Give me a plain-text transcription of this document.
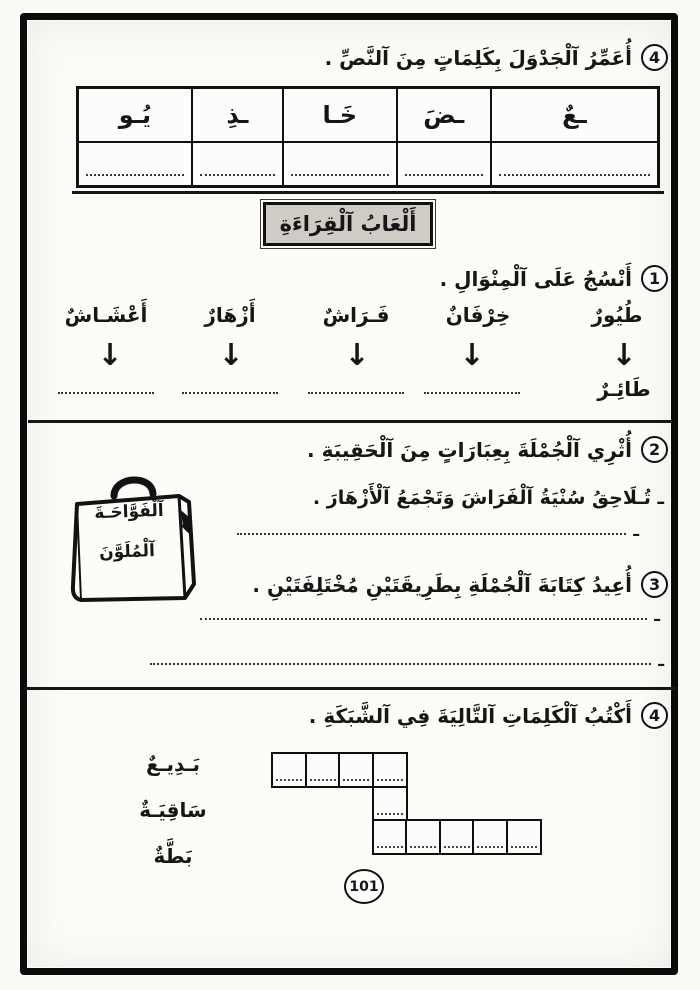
4
أُعَمِّرُ آلْجَدْوَلَ بِكَلِمَاتٍ مِنَ آلنَّصِّ .
ـعٌ
ـضَ
خَـا
ـذِ
يُـو
أَلْعَابُ آلْقِرَاءَةِ
1
أَنْسُجُ عَلَى آلْمِنْوَالِ .
طُيُورٌ
خِرْفَانٌ
فَـرَاشٌ
أَزْهَارٌ
أَعْشَـاشٌ
↓
↓
↓
↓
↓
طَائِـرٌ
2
أُثْرِي آلْجُمْلَةَ بِعِبَارَاتٍ مِنَ آلْحَقِيبَةِ .
آلْفَوَّاحَـةَ
آلْمُلَوَّنَ
ـ تُـلَاحِقُ سُنْيَةُ آلْفَرَاشَ وَتَجْمَعُ آلْأَزْهَارَ .
ـ
3
أُعِيدُ كِتَابَةَ آلْجُمْلَةِ بِطَرِيقَتَيْنِ مُخْتَلِفَتَيْنِ .
ـ
ـ
4
أَكْتُبُ آلْكَلِمَاتِ آلتَّالِيَةَ فِي آلشَّبَكَةِ .
بَـدِيـعٌ
سَاقِيَـةٌ
بَطَّةٌ
101
